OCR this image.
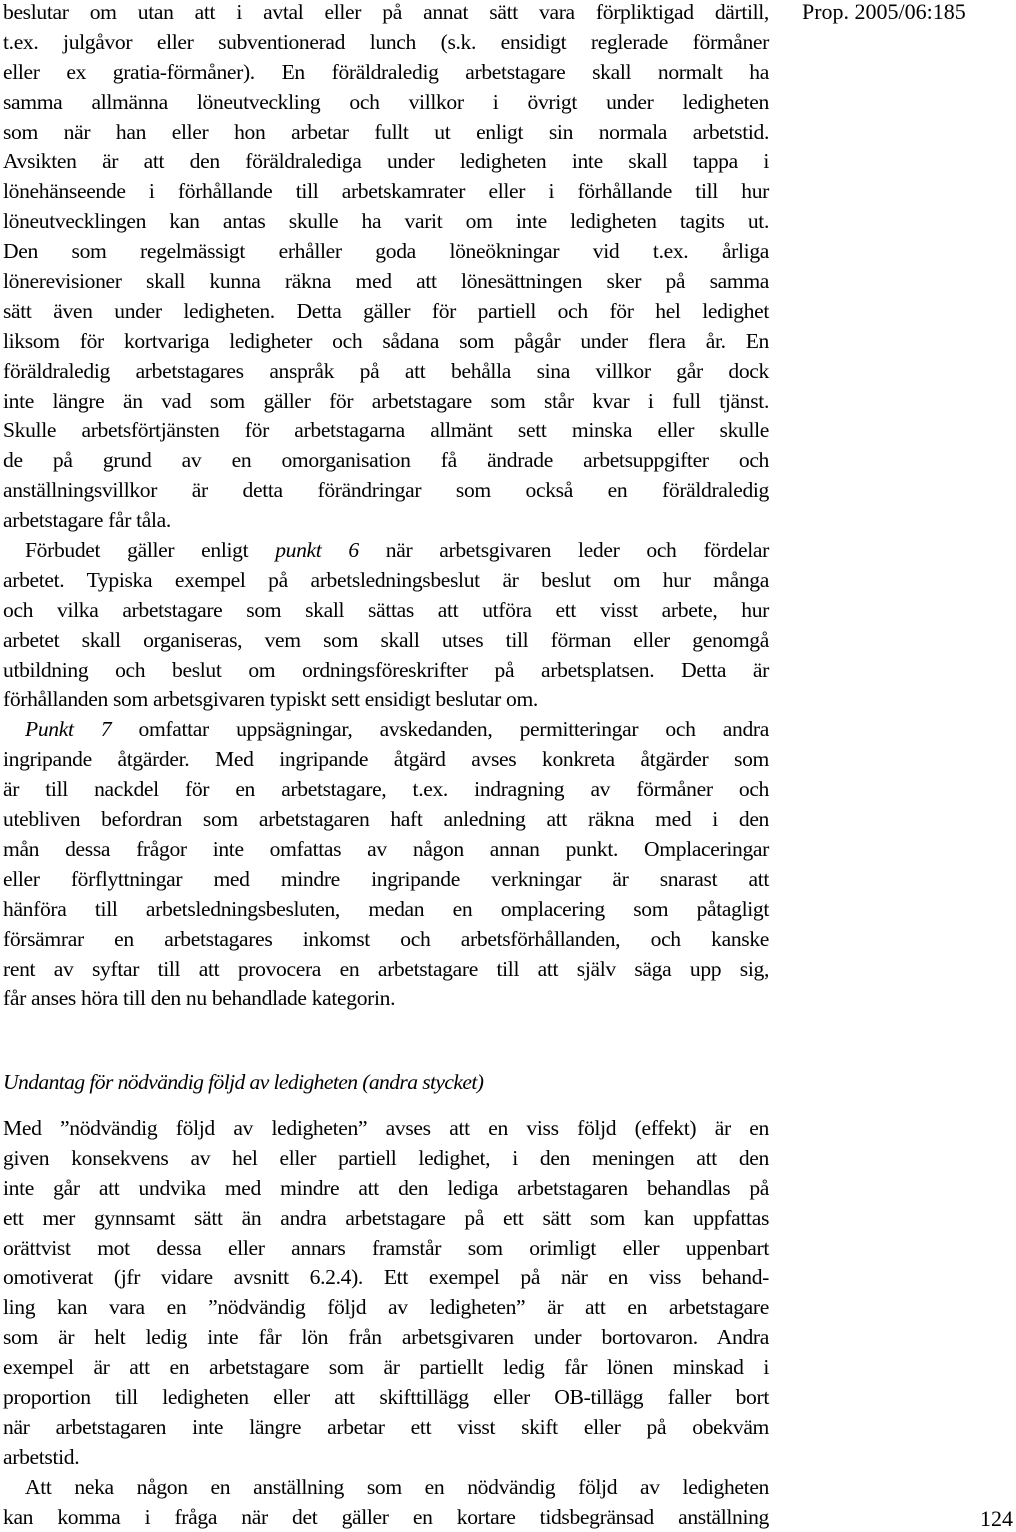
Prop. 2005/06:185
beslutar om utan att i avtal eller på annat sätt vara förpliktigad därtill,
t.ex. julgåvor eller subventionerad lunch (s.k. ensidigt reglerade förmåner
eller ex gratia-förmåner). En föräldraledig arbetstagare skall normalt ha
samma allmänna löneutveckling och villkor i övrigt under ledigheten
som när han eller hon arbetar fullt ut enligt sin normala arbetstid.
Avsikten är att den föräldralediga under ledigheten inte skall tappa i
lönehänseende i förhållande till arbetskamrater eller i förhållande till hur
löneutvecklingen kan antas skulle ha varit om inte ledigheten tagits ut.
Den som regelmässigt erhåller goda löneökningar vid t.ex. årliga
lönerevisioner skall kunna räkna med att lönesättningen sker på samma
sätt även under ledigheten. Detta gäller för partiell och för hel ledighet
liksom för kortvariga ledigheter och sådana som pågår under flera år. En
föräldraledig arbetstagares anspråk på att behålla sina villkor går dock
inte längre än vad som gäller för arbetstagare som står kvar i full tjänst.
Skulle arbetsförtjänsten för arbetstagarna allmänt sett minska eller skulle
de på grund av en omorganisation få ändrade arbetsuppgifter och
anställningsvillkor är detta förändringar som också en föräldraledig
arbetstagare får tåla.
Förbudet gäller enligt punkt 6 när arbetsgivaren leder och fördelar
arbetet. Typiska exempel på arbetsledningsbeslut är beslut om hur många
och vilka arbetstagare som skall sättas att utföra ett visst arbete, hur
arbetet skall organiseras, vem som skall utses till förman eller genomgå
utbildning och beslut om ordningsföreskrifter på arbetsplatsen. Detta är
förhållanden som arbetsgivaren typiskt sett ensidigt beslutar om.
Punkt 7 omfattar uppsägningar, avskedanden, permitteringar och andra
ingripande åtgärder. Med ingripande åtgärd avses konkreta åtgärder som
är till nackdel för en arbetstagare, t.ex. indragning av förmåner och
utebliven befordran som arbetstagaren haft anledning att räkna med i den
mån dessa frågor inte omfattas av någon annan punkt. Omplaceringar
eller förflyttningar med mindre ingripande verkningar är snarast att
hänföra till arbetsledningsbesluten, medan en omplacering som påtagligt
försämrar en arbetstagares inkomst och arbetsförhållanden, och kanske
rent av syftar till att provocera en arbetstagare till att själv säga upp sig,
får anses höra till den nu behandlade kategorin.
Undantag för nödvändig följd av ledigheten (andra stycket)
Med ”nödvändig följd av ledigheten” avses att en viss följd (effekt) är en
given konsekvens av hel eller partiell ledighet, i den meningen att den
inte går att undvika med mindre att den lediga arbetstagaren behandlas på
ett mer gynnsamt sätt än andra arbetstagare på ett sätt som kan uppfattas
orättvist mot dessa eller annars framstår som orimligt eller uppenbart
omotiverat (jfr vidare avsnitt 6.2.4). Ett exempel på när en viss behand-
ling kan vara en ”nödvändig följd av ledigheten” är att en arbetstagare
som är helt ledig inte får lön från arbetsgivaren under bortovaron. Andra
exempel är att en arbetstagare som är partiellt ledig får lönen minskad i
proportion till ledigheten eller att skifttillägg eller OB-tillägg faller bort
när arbetstagaren inte längre arbetar ett visst skift eller på obekväm
arbetstid.
Att neka någon en anställning som en nödvändig följd av ledigheten
kan komma i fråga när det gäller en kortare tidsbegränsad anställning	124
